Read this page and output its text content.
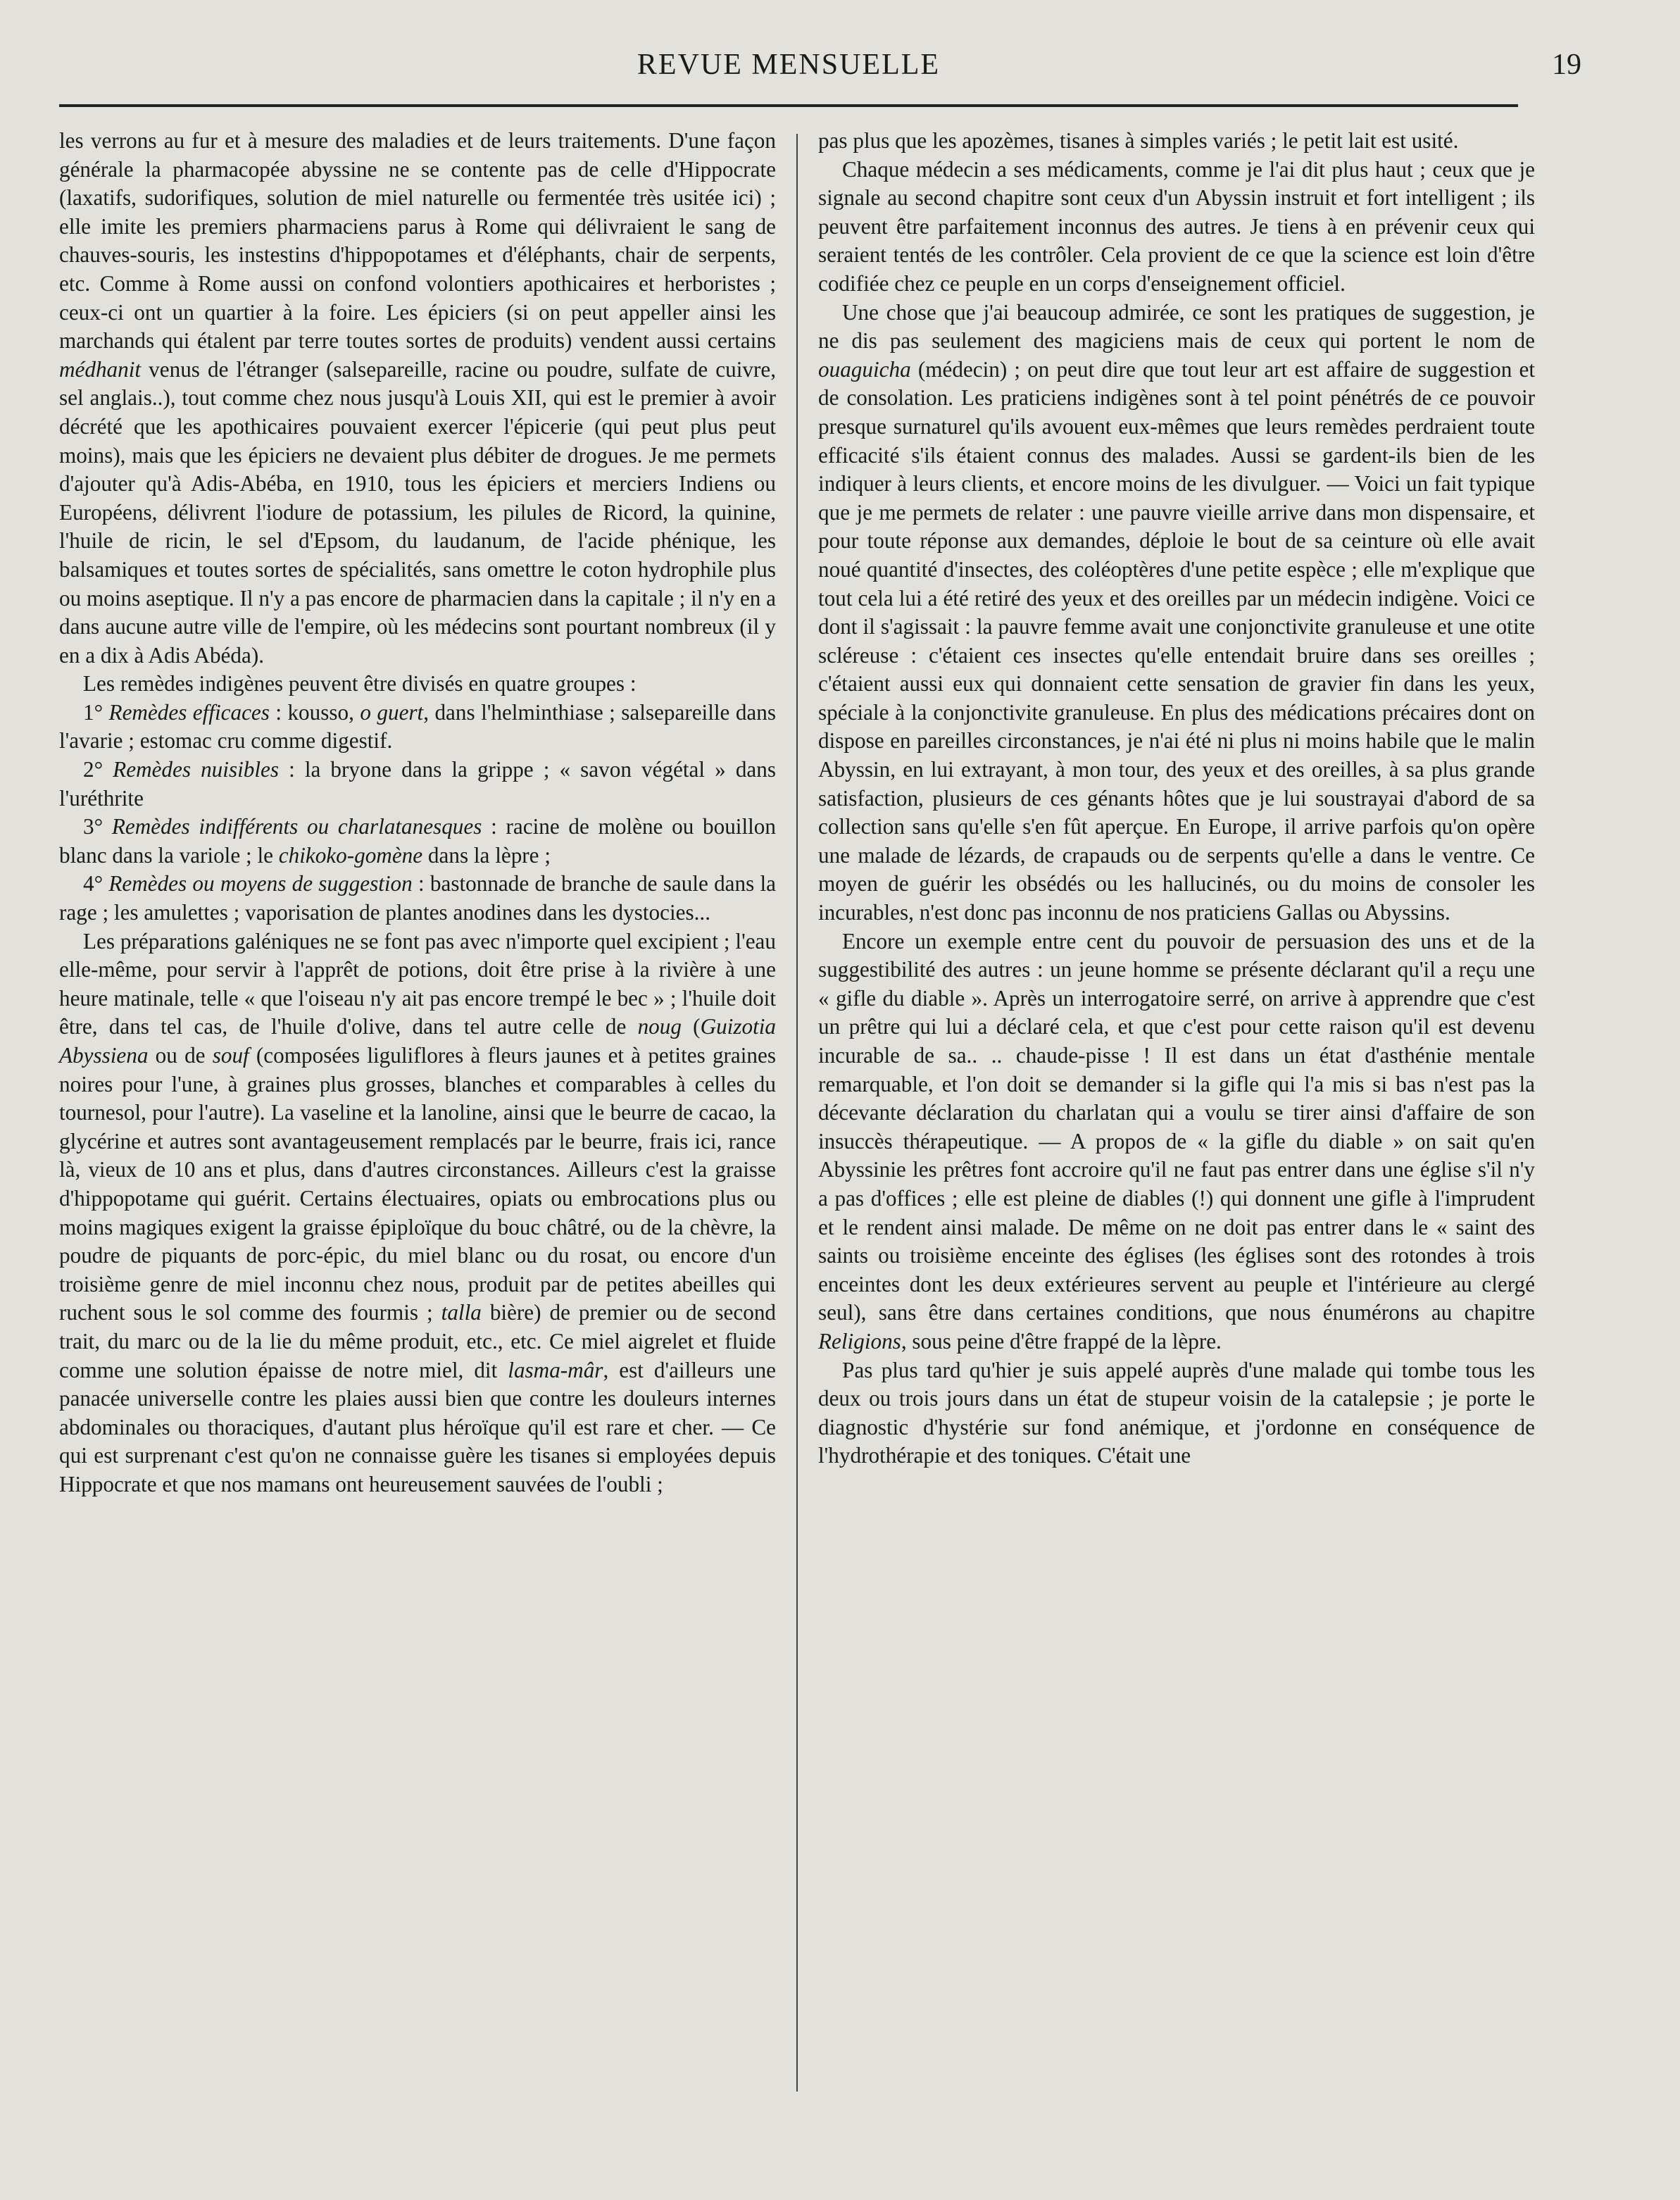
REVUE MENSUELLE	19

les verrons au fur et à mesure des maladies et de leurs traitements. D'une façon générale la pharmacopée abyssine ne se contente pas de celle d'Hippocrate (laxatifs, sudorifiques, solution de miel naturelle ou fermentée très usitée ici) ; elle imite les premiers pharmaciens parus à Rome qui délivraient le sang de chauves-souris, les instestins d'hippopotames et d'éléphants, chair de serpents, etc. Comme à Rome aussi on confond volontiers apothicaires et herboristes ; ceux-ci ont un quartier à la foire. Les épiciers (si on peut appeller ainsi les marchands qui étalent par terre toutes sortes de produits) vendent aussi certains médhanit venus de l'étranger (salsepareille, racine ou poudre, sulfate de cuivre, sel anglais..), tout comme chez nous jusqu'à Louis XII, qui est le premier à avoir décrété que les apothicaires pouvaient exercer l'épicerie (qui peut plus peut moins), mais que les épiciers ne devaient plus débiter de drogues. Je me permets d'ajouter qu'à Adis-Abéba, en 1910, tous les épiciers et merciers Indiens ou Européens, délivrent l'iodure de potassium, les pilules de Ricord, la quinine, l'huile de ricin, le sel d'Epsom, du laudanum, de l'acide phénique, les balsamiques et toutes sortes de spécialités, sans omettre le coton hydrophile plus ou moins aseptique. Il n'y a pas encore de pharmacien dans la capitale ; il n'y en a dans aucune autre ville de l'empire, où les médecins sont pourtant nombreux (il y en a dix à Adis Abéda).

Les remèdes indigènes peuvent être divisés en quatre groupes :

1° Remèdes efficaces : kousso, o guert, dans l'helminthiase ; salsepareille dans l'avarie ; estomac cru comme digestif.

2° Remèdes nuisibles : la bryone dans la grippe ; « savon végétal » dans l'uréthrite

3° Remèdes indifférents ou charlatanesques : racine de molène ou bouillon blanc dans la variole ; le chikoko-gomène dans la lèpre ;

4° Remèdes ou moyens de suggestion : bastonnade de branche de saule dans la rage ; les amulettes ; vaporisation de plantes anodines dans les dystocies...

Les préparations galéniques ne se font pas avec n'importe quel excipient ; l'eau elle-même, pour servir à l'apprêt de potions, doit être prise à la rivière à une heure matinale, telle « que l'oiseau n'y ait pas encore trempé le bec » ; l'huile doit être, dans tel cas, de l'huile d'olive, dans tel autre celle de noug (Guizotia Abyssiena ou de souf (composées liguliflores à fleurs jaunes et à petites graines noires pour l'une, à graines plus grosses, blanches et comparables à celles du tournesol, pour l'autre). La vaseline et la lanoline, ainsi que le beurre de cacao, la glycérine et autres sont avantageusement remplacés par le beurre, frais ici, rance là, vieux de 10 ans et plus, dans d'autres circonstances. Ailleurs c'est la graisse d'hippopotame qui guérit. Certains électuaires, opiats ou embrocations plus ou moins magiques exigent la graisse épiploïque du bouc châtré, ou de la chèvre, la poudre de piquants de porc-épic, du miel blanc ou du rosat, ou encore d'un troisième genre de miel inconnu chez nous, produit par de petites abeilles qui ruchent sous le sol comme des fourmis ; talla bière) de premier ou de second trait, du marc ou de la lie du même produit, etc., etc. Ce miel aigrelet et fluide comme une solution épaisse de notre miel, dit lasma-mâr, est d'ailleurs une panacée universelle contre les plaies aussi bien que contre les douleurs internes abdominales ou thoraciques, d'autant plus héroïque qu'il est rare et cher. — Ce qui est surprenant c'est qu'on ne connaisse guère les tisanes si employées depuis Hippocrate et que nos mamans ont heureusement sauvées de l'oubli ;

pas plus que les apozèmes, tisanes à simples variés ; le petit lait est usité.

Chaque médecin a ses médicaments, comme je l'ai dit plus haut ; ceux que je signale au second chapitre sont ceux d'un Abyssin instruit et fort intelligent ; ils peuvent être parfaitement inconnus des autres. Je tiens à en prévenir ceux qui seraient tentés de les contrôler. Cela provient de ce que la science est loin d'être codifiée chez ce peuple en un corps d'enseignement officiel.

Une chose que j'ai beaucoup admirée, ce sont les pratiques de suggestion, je ne dis pas seulement des magiciens mais de ceux qui portent le nom de ouaguicha (médecin) ; on peut dire que tout leur art est affaire de suggestion et de consolation. Les praticiens indigènes sont à tel point pénétrés de ce pouvoir presque surnaturel qu'ils avouent eux-mêmes que leurs remèdes perdraient toute efficacité s'ils étaient connus des malades. Aussi se gardent-ils bien de les indiquer à leurs clients, et encore moins de les divulguer. — Voici un fait typique que je me permets de relater : une pauvre vieille arrive dans mon dispensaire, et pour toute réponse aux demandes, déploie le bout de sa ceinture où elle avait noué quantité d'insectes, des coléoptères d'une petite espèce ; elle m'explique que tout cela lui a été retiré des yeux et des oreilles par un médecin indigène. Voici ce dont il s'agissait : la pauvre femme avait une conjonctivite granuleuse et une otite scléreuse : c'étaient ces insectes qu'elle entendait bruire dans ses oreilles ; c'étaient aussi eux qui donnaient cette sensation de gravier fin dans les yeux, spéciale à la conjonctivite granuleuse. En plus des médications précaires dont on dispose en pareilles circonstances, je n'ai été ni plus ni moins habile que le malin Abyssin, en lui extrayant, à mon tour, des yeux et des oreilles, à sa plus grande satisfaction, plusieurs de ces génants hôtes que je lui soustrayai d'abord de sa collection sans qu'elle s'en fût aperçue. En Europe, il arrive parfois qu'on opère une malade de lézards, de crapauds ou de serpents qu'elle a dans le ventre. Ce moyen de guérir les obsédés ou les hallucinés, ou du moins de consoler les incurables, n'est donc pas inconnu de nos praticiens Gallas ou Abyssins.

Encore un exemple entre cent du pouvoir de persuasion des uns et de la suggestibilité des autres : un jeune homme se présente déclarant qu'il a reçu une « gifle du diable ». Après un interrogatoire serré, on arrive à apprendre que c'est un prêtre qui lui a déclaré cela, et que c'est pour cette raison qu'il est devenu incurable de sa.. .. chaude-pisse ! Il est dans un état d'asthénie mentale remarquable, et l'on doit se demander si la gifle qui l'a mis si bas n'est pas la décevante déclaration du charlatan qui a voulu se tirer ainsi d'affaire de son insuccès thérapeutique. — A propos de « la gifle du diable » on sait qu'en Abyssinie les prêtres font accroire qu'il ne faut pas entrer dans une église s'il n'y a pas d'offices ; elle est pleine de diables (!) qui donnent une gifle à l'imprudent et le rendent ainsi malade. De même on ne doit pas entrer dans le « saint des saints ou troisième enceinte des églises (les églises sont des rotondes à trois enceintes dont les deux extérieures servent au peuple et l'intérieure au clergé seul), sans être dans certaines conditions, que nous énumérons au chapitre Religions, sous peine d'être frappé de la lèpre.

Pas plus tard qu'hier je suis appelé auprès d'une malade qui tombe tous les deux ou trois jours dans un état de stupeur voisin de la catalepsie ; je porte le diagnostic d'hystérie sur fond anémique, et j'ordonne en conséquence de l'hydrothérapie et des toniques. C'était une
